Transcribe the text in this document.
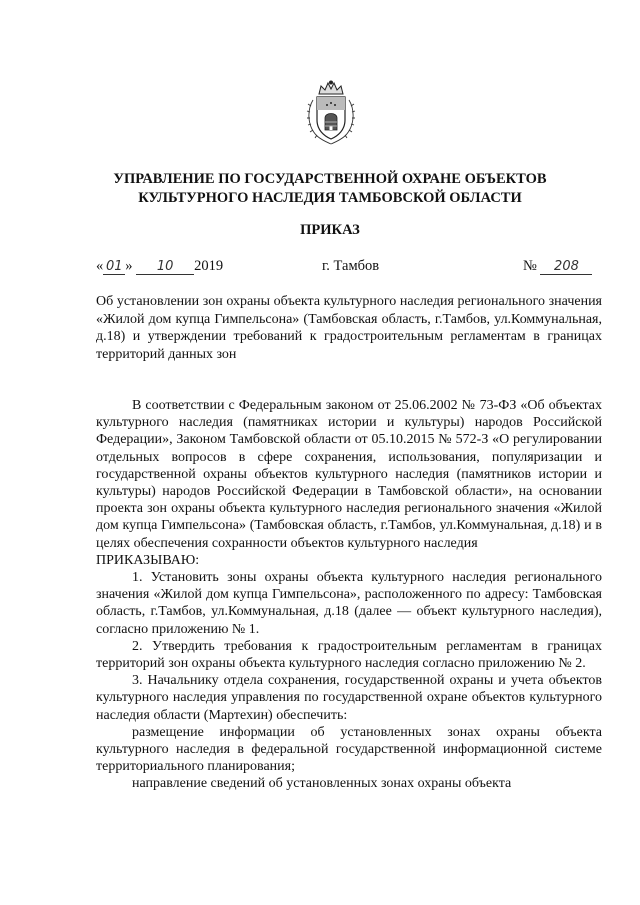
УПРАВЛЕНИЕ ПО ГОСУДАРСТВЕННОЙ ОХРАНЕ ОБЪЕКТОВ
КУЛЬТУРНОГО НАСЛЕДИЯ ТАМБОВСКОЙ ОБЛАСТИ
ПРИКАЗ
« 01 » 10 2019	г. Тамбов	№ 208
Об установлении зон охраны объекта культурного наследия регионального значения «Жилой дом купца Гимпельсона» (Тамбовская область, г.Тамбов, ул.Коммунальная, д.18) и утверждении требований к градостроительным регламентам в границах территорий данных зон

В соответствии с Федеральным законом от 25.06.2002 № 73-ФЗ «Об объектах культурного наследия (памятниках истории и культуры) народов Российской Федерации», Законом Тамбовской области от 05.10.2015 № 572-З «О регулировании отдельных вопросов в сфере сохранения, использования, популяризации и государственной охраны объектов культурного наследия (памятников истории и культуры) народов Российской Федерации в Тамбовской области», на основании проекта зон охраны объекта культурного наследия регионального значения «Жилой дом купца Гимпельсона» (Тамбовская область, г.Тамбов, ул.Коммунальная, д.18) и в целях обеспечения сохранности объектов культурного наследия

ПРИКАЗЫВАЮ:

1. Установить зоны охраны объекта культурного наследия регионального значения «Жилой дом купца Гимпельсона», расположенного по адресу: Тамбовская область, г.Тамбов, ул.Коммунальная, д.18 (далее — объект культурного наследия), согласно приложению № 1.

2. Утвердить требования к градостроительным регламентам в границах территорий зон охраны объекта культурного наследия согласно приложению № 2.

3. Начальнику отдела сохранения, государственной охраны и учета объектов культурного наследия управления по государственной охране объектов культурного наследия области (Мартехин) обеспечить:

размещение информации об установленных зонах охраны объекта культурного наследия в федеральной государственной информационной системе территориального планирования;

направление сведений об установленных зонах охраны объекта
